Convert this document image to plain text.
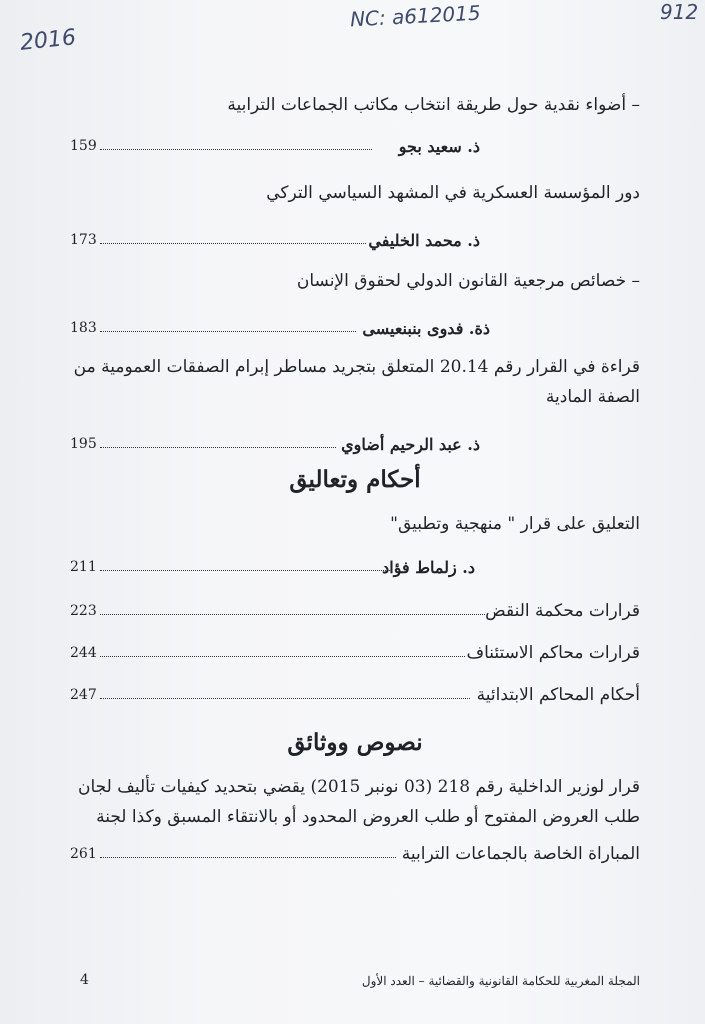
2016
NC: a612015	912
– أضواء نقدية حول طريقة انتخاب مكاتب الجماعات الترابية
159	ذ. سعيد بجو
دور المؤسسة العسكرية في المشهد السياسي التركي
173	ذ. محمد الخليفي
– خصائص مرجعية القانون الدولي لحقوق الإنسان
183	ذة. فدوى بنبنعيسى
قراءة في القرار رقم 20.14 المتعلق بتجريد مساطر إبرام الصفقات العمومية من
الصفة المادية
195	ذ. عبد الرحيم أضاوي
أحكام وتعاليق
التعليق على قرار " منهجية وتطبيق"
211	د. زلماط فؤاد
223	قرارات محكمة النقض
244	قرارات محاكم الاستئناف
247	أحكام المحاكم الابتدائية
نصوص ووثائق
قرار لوزير الداخلية رقم 218 (03 نونبر 2015) يقضي بتحديد كيفيات تأليف لجان
طلب العروض المفتوح أو طلب العروض المحدود أو بالانتقاء المسبق وكذا لجنة
261	المباراة الخاصة بالجماعات الترابية
4	المجلة المغربية للحكامة القانونية والقضائية – العدد الأول
